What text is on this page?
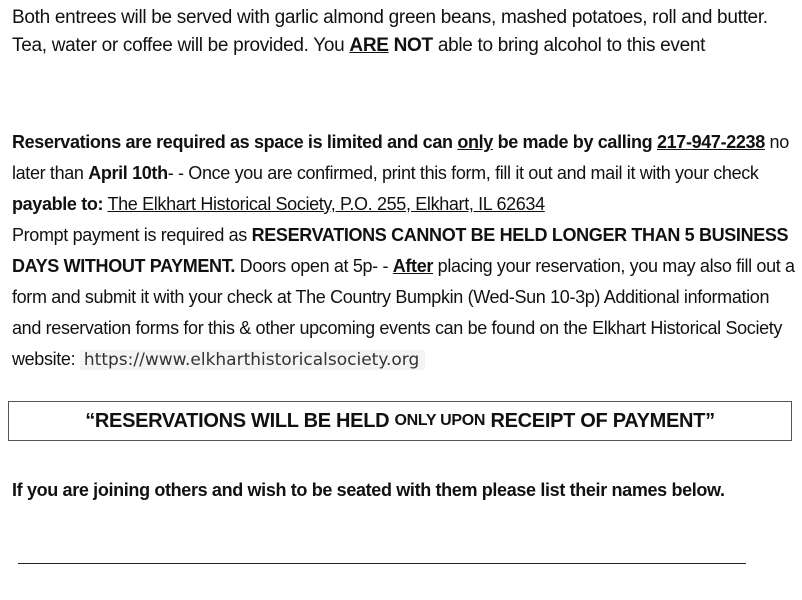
Both entrees will be served with garlic almond green beans, mashed potatoes, roll and butter. Tea, water or coffee will be provided. You ARE NOT able to bring alcohol to this event

Reservations are required as space is limited and can only be made by calling 217-947-2238 no later than April 10th- - Once you are confirmed, print this form, fill it out and mail it with your check payable to: The Elkhart Historical Society, P.O. 255, Elkhart, IL 62634
Prompt payment is required as RESERVATIONS CANNOT BE HELD LONGER THAN 5 BUSINESS DAYS WITHOUT PAYMENT. Doors open at 5p- - After placing your reservation, you may also fill out a form and submit it with your check at The Country Bumpkin (Wed-Sun 10-3p) Additional information and reservation forms for this & other upcoming events can be found on the Elkhart Historical Society website: https://www.elkharthistoricalsociety.org

“RESERVATIONS WILL BE HELD ONLY UPON RECEIPT OF PAYMENT”

If you are joining others and wish to be seated with them please list their names below.
